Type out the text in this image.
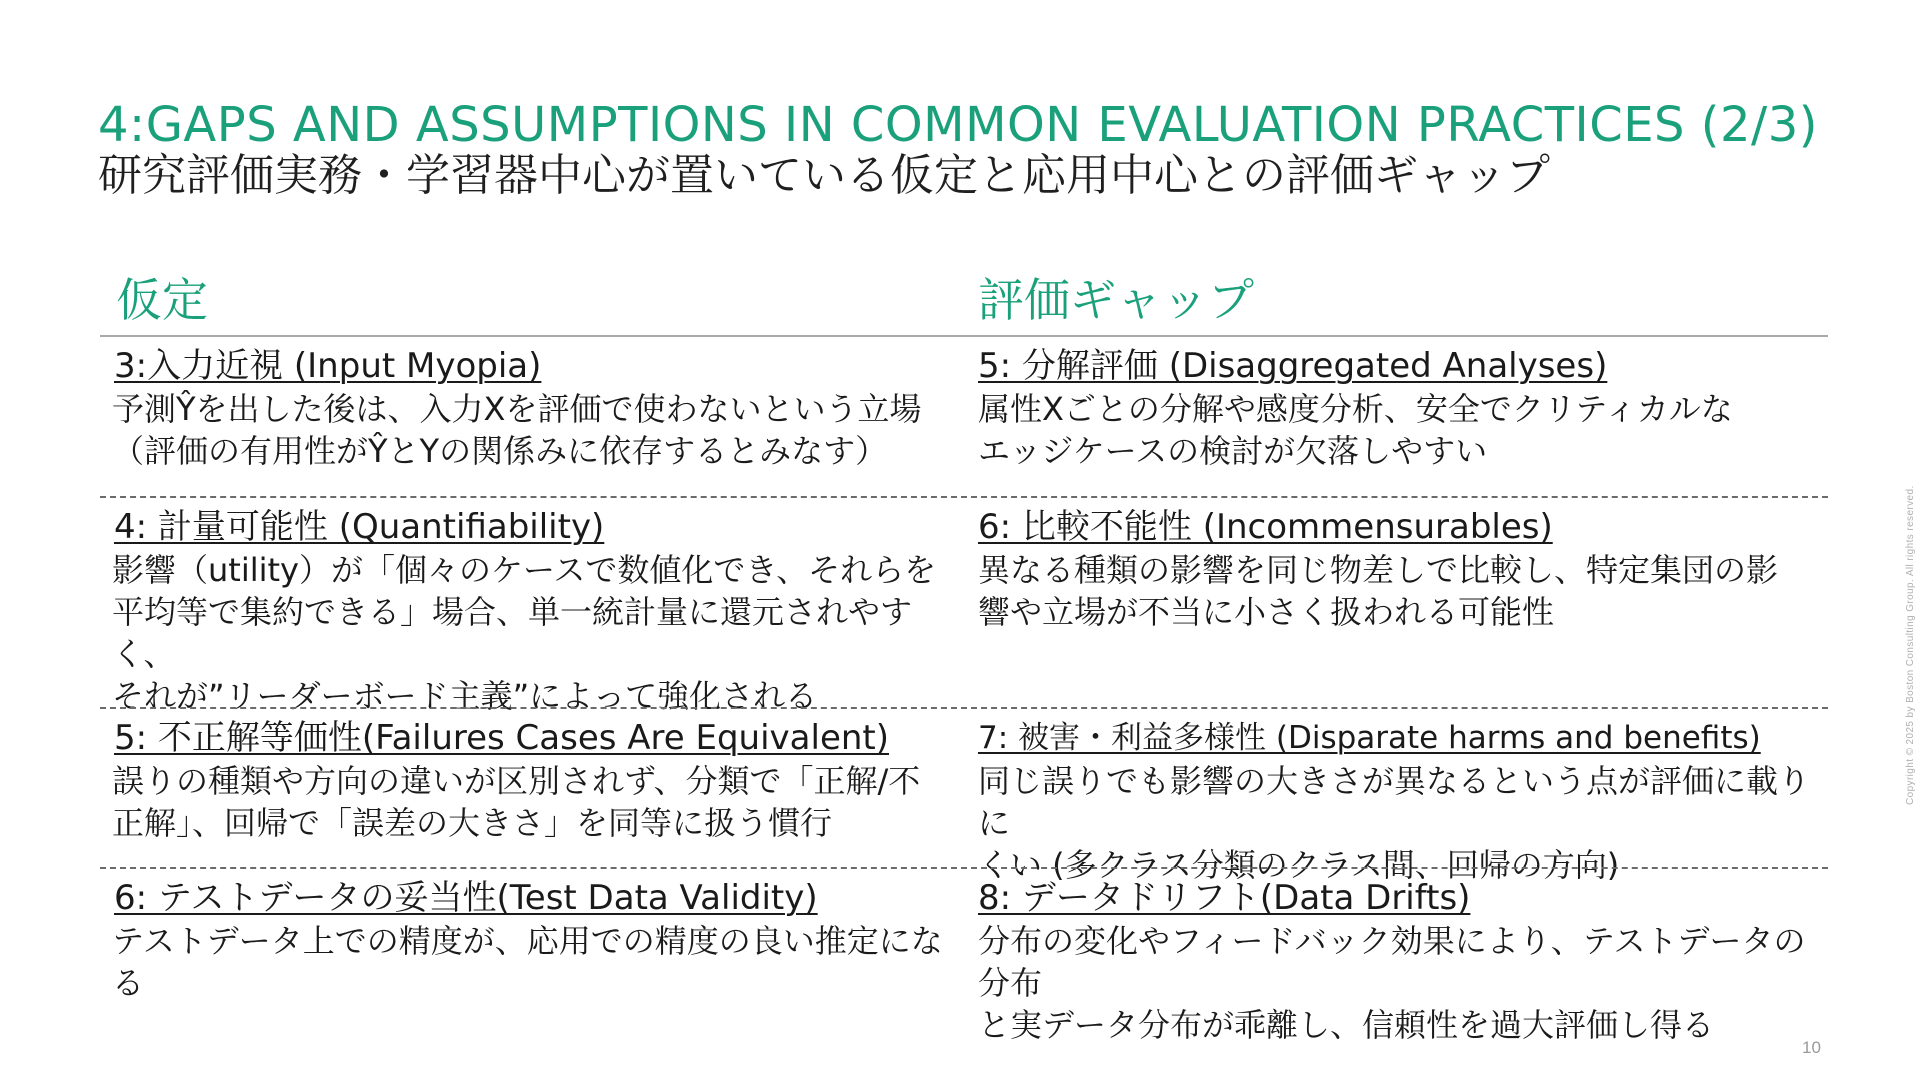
4:GAPS AND ASSUMPTIONS IN COMMON EVALUATION PRACTICES (2/3)
研究評価実務・学習器中心が置いている仮定と応用中心との評価ギャップ
仮定	評価ギャップ
3:入力近視 (Input Myopia)
予測Ŷを出した後は、入力Xを評価で使わないという立場
（評価の有用性がŶとYの関係みに依存するとみなす）
5: 分解評価 (Disaggregated Analyses)
属性Xごとの分解や感度分析、安全でクリティカルな
エッジケースの検討が欠落しやすい
4: 計量可能性 (Quantifiability)
影響（utility）が「個々のケースで数値化でき、それらを
平均等で集約できる」場合、単一統計量に還元されやすく、
それが”リーダーボード主義”によって強化される
6: 比較不能性 (Incommensurables)
異なる種類の影響を同じ物差しで比較し、特定集団の影
響や立場が不当に小さく扱われる可能性
5: 不正解等価性(Failures Cases Are Equivalent)
誤りの種類や方向の違いが区別されず、分類で「正解/不
正解」、回帰で「誤差の大きさ」を同等に扱う慣行
7: 被害・利益多様性 (Disparate harms and benefits)
同じ誤りでも影響の大きさが異なるという点が評価に載りに
くい (多クラス分類のクラス間、回帰の方向)
6: テストデータの妥当性(Test Data Validity)
テストデータ上での精度が、応用での精度の良い推定にな
る
8: データドリフト(Data Drifts)
分布の変化やフィードバック効果により、テストデータの分布
と実データ分布が乖離し、信頼性を過大評価し得る
Copyright © 2025 by Boston Consulting Group. All rights reserved.
10
